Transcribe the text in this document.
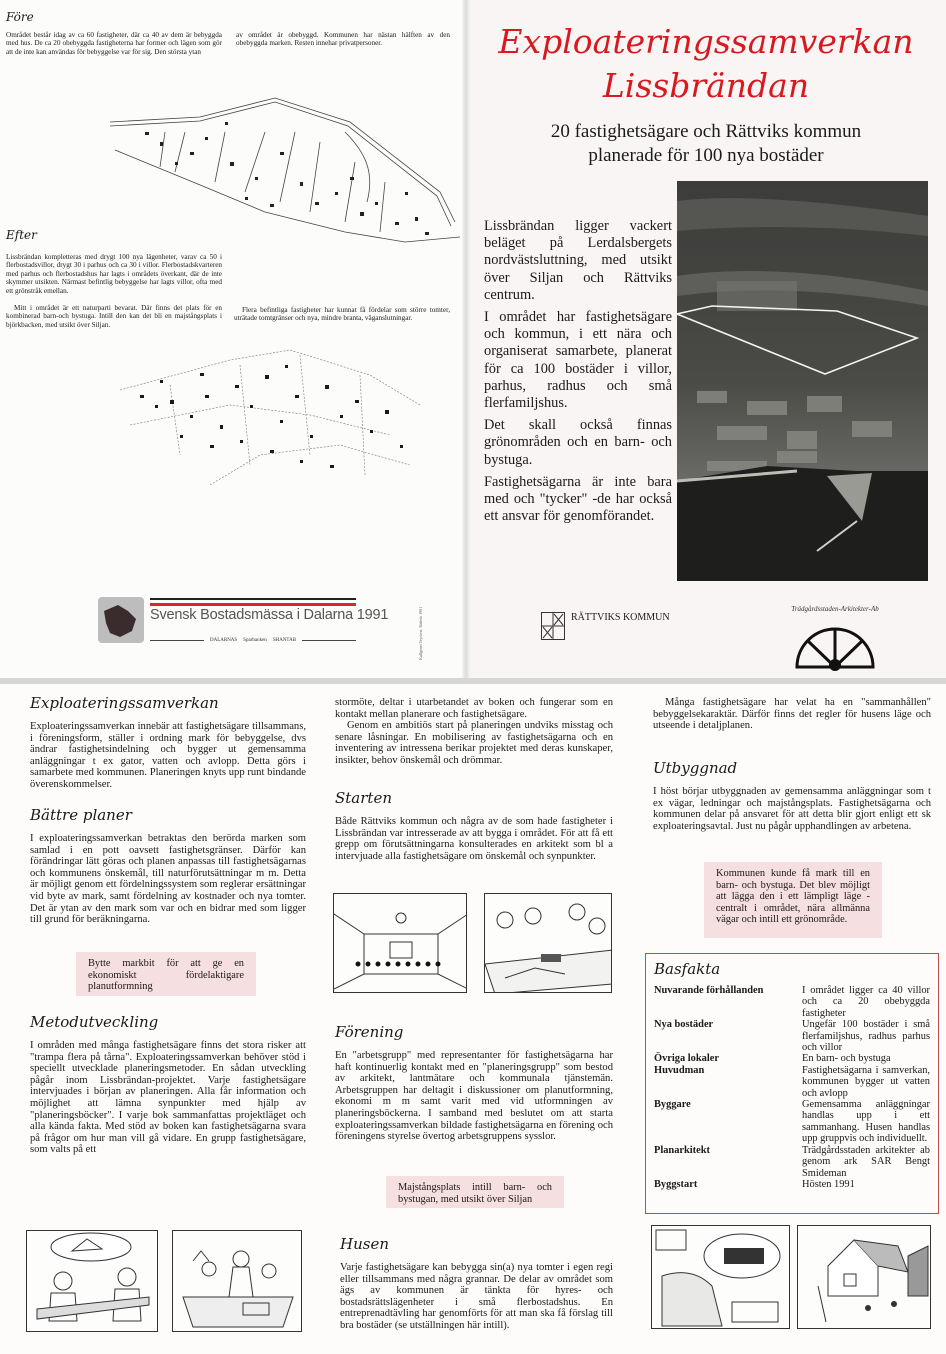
Före
Området består idag av ca 60 fastigheter, där ca 40 av dem är bebyggda med hus. De ca 20 obebyggda fastigheterna har former och lägen som gör att de inte kan användas för bebyggelse var för sig. Den största ytan
av området är obebyggd. Kommunen har nästan hälften av den obebyggda marken. Resten innehar privatpersoner.
Efter
Lissbrändan kompletteras med drygt 100 nya lägenheter, varav ca 50 i flerbostadsvillor, drygt 30 i parhus och ca 30 i villor. Flerbostadskvarteren med parhus och flerbostadshus har lagts i områdets överkant, där de inte skymmer utsikten. Närmast befintlig bebyggelse har lagts villor, ofta med ett grönstråk emellan.
Mitt i området är ett naturparti bevarat. Där finns det plats för en kombinerad barn-och bystuga. Intill den kan det bli en majstångsplats i björkbacken, med utsikt över Siljan.
Flera befintliga fastigheter har kunnat få fördelar som större tomter, uträtade tomtgränser och nya, mindre branta, väganslutningar.
Svensk Bostadsmässa i Dalarna 1991
DALARNAS Sparbanken SHANTAB	Kullgrens Tryckeri, Rättvik 1991
Exploateringssamverkan
Lissbrändan
20 fastighetsägare och Rättviks kommun
planerade för 100 nya bostäder

Lissbrändan ligger vackert beläget på Lerdalsbergets nordvästsluttning, med utsikt över Siljan och Rättviks centrum.

I området har fastighetsägare och kommun, i ett nära och organiserat samarbete, planerat för ca 100 bostäder i villor, parhus, radhus och små flerfamiljshus.

Det skall också finnas grönområden och en barn- och bystuga.

Fastighetsägarna är inte bara med och "tycker" -de har också ett ansvar för genomförandet.

RÄTTVIKS KOMMUN
Trädgårdsstaden-Arkitekter-Ab
Exploateringssamverkan
Exploateringssamverkan innebär att fastighetsägare tillsammans, i föreningsform, ställer i ordning mark för bebyggelse, dvs ändrar fastighetsindelning och bygger ut gemensamma anläggningar t ex gator, vatten och avlopp. Detta görs i samarbete med kommunen. Planeringen knyts upp runt bindande överenskommelser.
Bättre planer
I exploateringssamverkan betraktas den berörda marken som samlad i en pott oavsett fastighetsgränser. Därför kan förändringar lätt göras och planen anpassas till fastighetsägarnas och kommunens önskemål, till naturförutsättningar m m. Detta är möjligt genom ett fördelningssystem som reglerar ersättningar vid byte av mark, samt fördelning av kostnader och nya tomter. Det är ytan av den mark som var och en bidrar med som ligger till grund för beräkningarna.
Bytte markbit för att ge en ekonomiskt fördelaktigare planutformning
Metodutveckling
I områden med många fastighetsägare finns det stora risker att "trampa flera på tårna". Exploateringssamverkan behöver stöd i speciellt utvecklade planeringsmetoder. En sådan utveckling pågår inom Lissbrändan-projektet. Varje fastighetsägare intervjuades i början av planeringen. Alla får information och möjlighet att lämna synpunkter med hjälp av "planeringsböcker". I varje bok sammanfattas projektläget och alla kända fakta. Med stöd av boken kan fastighetsägarna svara på frågor om hur man vill gå vidare. En grupp fastighetsägare, som valts på ett
stormöte, deltar i utarbetandet av boken och fungerar som en kontakt mellan planerare och fastighetsägare.
Genom en ambitiös start på planeringen undviks misstag och senare låsningar. En mobilisering av fastighetsägarna och en inventering av intressena berikar projektet med deras kunskaper, insikter, behov önskemål och drömmar.
Starten
Både Rättviks kommun och några av de som hade fastigheter i Lissbrändan var intresserade av att bygga i området. För att få ett grepp om förutsättningarna konsulterades en arkitekt som bl a intervjuade alla fastighetsägare om önskemål och synpunkter.
Förening
En "arbetsgrupp" med representanter för fastighetsägarna har haft kontinuerlig kontakt med en "planeringsgrupp" som bestod av arkitekt, lantmätare och kommunala tjänstemän. Arbetsgruppen har deltagit i diskussioner om planutformning, ekonomi m m samt varit med vid utformningen av planeringsböckerna. I samband med beslutet om att starta exploateringssamverkan bildade fastighetsägarna en förening och föreningens styrelse övertog arbetsgruppens sysslor.
Majstångsplats intill barn- och bystugan, med utsikt över Siljan
Husen
Varje fastighetsägare kan bebygga sin(a) nya tomter i egen regi eller tillsammans med några grannar. De delar av området som ägs av kommunen är tänkta för hyres- och bostadsrättslägenheter i små flerbostadshus. En entreprenadtävling har genomförts för att man ska få förslag till bra bostäder (se utställningen här intill).
Många fastighetsägare har velat ha en "sammanhållen" bebyggelsekaraktär. Därför finns det regler för husens läge och utseende i detaljplanen.
Utbyggnad
I höst börjar utbyggnaden av gemensamma anläggningar som t ex vägar, ledningar och majstångsplats. Fastighetsägarna och kommunen delar på ansvaret för att detta blir gjort enligt ett sk exploateringsavtal. Just nu pågår upphandlingen av arbetena.
Kommunen kunde få mark till en barn- och bystuga. Det blev möjligt att lägga den i ett lämpligt läge - centralt i området, nära allmänna vägar och intill ett grönområde.
Basfakta
Nuvarande förhållanden	I området ligger ca 40 villor och ca 20 obebyggda fastigheter
Nya bostäder	Ungefär 100 bostäder i små flerfamiljshus, radhus parhus och villor
Övriga lokaler	En barn- och bystuga
Huvudman	Fastighetsägarna i samverkan, kommunen bygger ut vatten och avlopp
Byggare	Gemensamma anläggningar handlas upp i ett sammanhang. Husen handlas upp gruppvis och individuellt.
Planarkitekt	Trädgårdsstaden arkitekter ab genom ark SAR Bengt Smideman
Byggstart	Hösten 1991
